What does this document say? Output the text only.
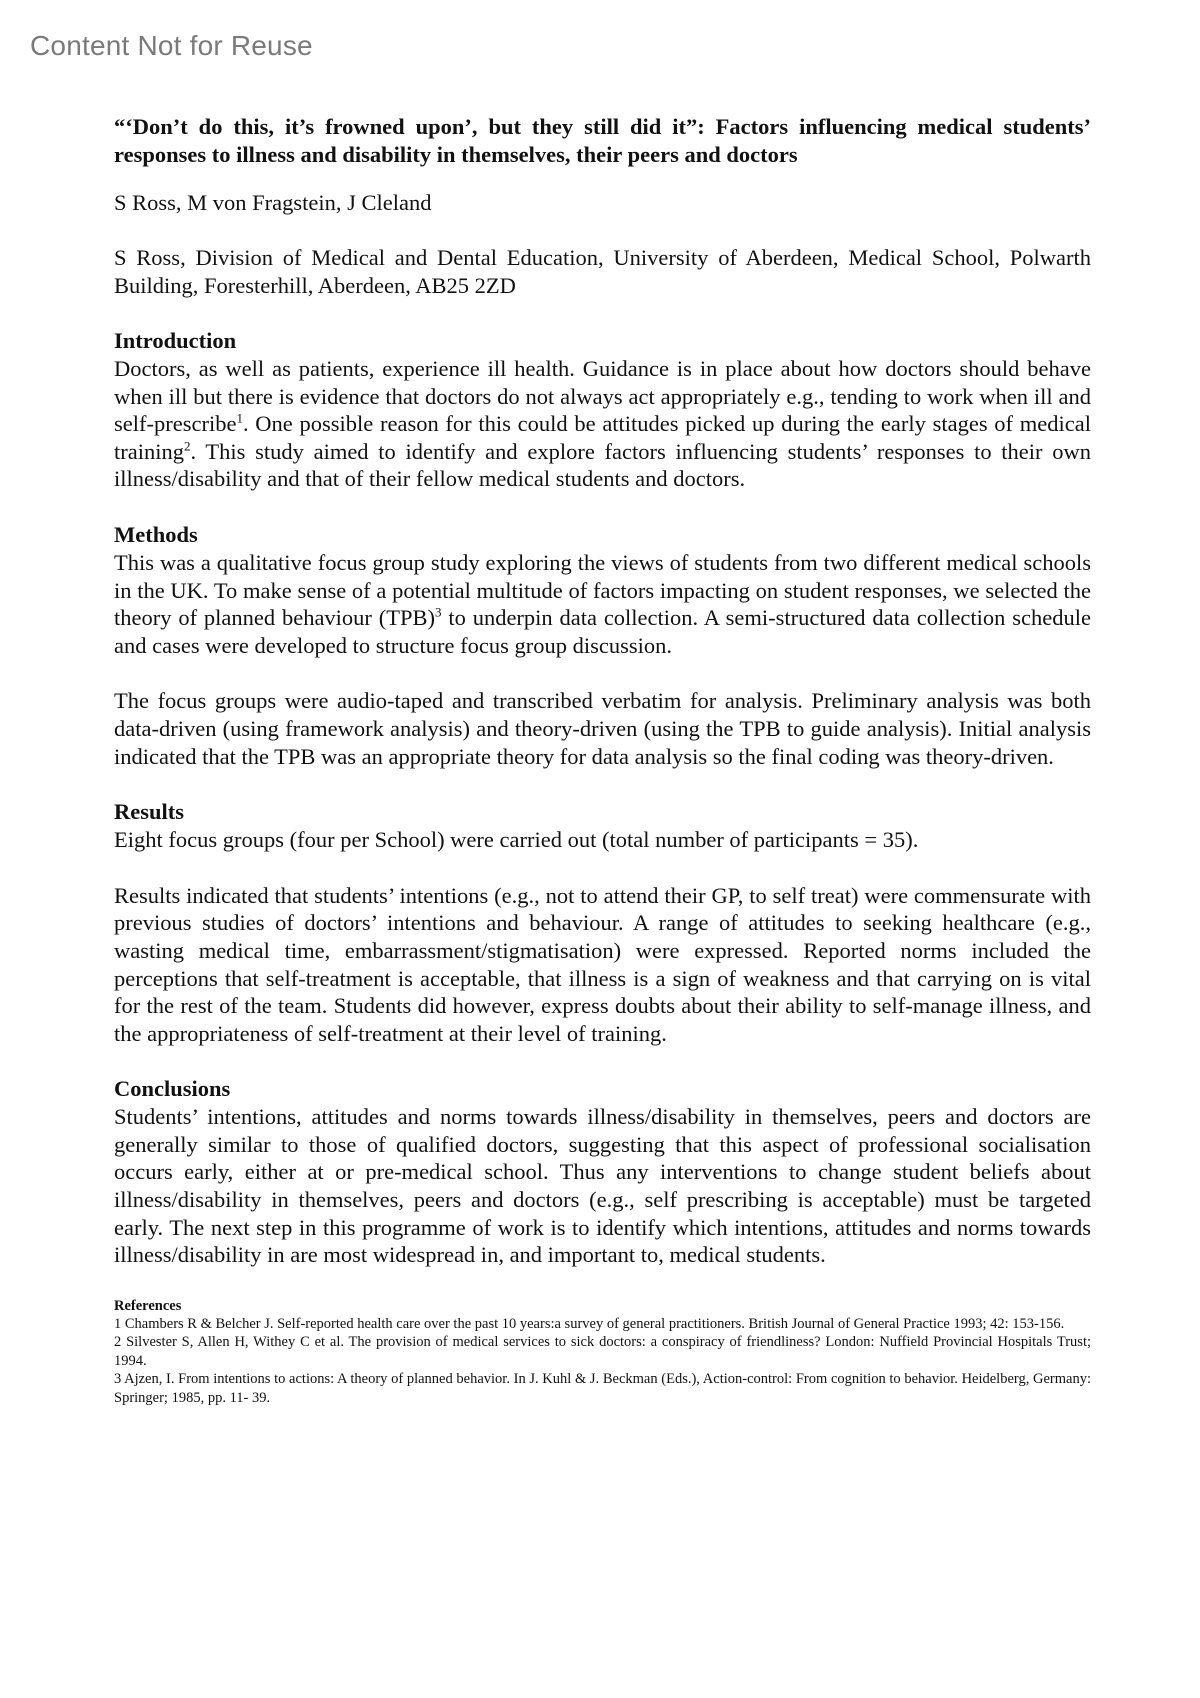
Content Not for Reuse

“‘Don’t do this, it’s frowned upon’, but they still did it”: Factors influencing medical students’ responses to illness and disability in themselves, their peers and doctors

S Ross, M von Fragstein, J Cleland

S Ross, Division of Medical and Dental Education, University of Aberdeen, Medical School, Polwarth Building, Foresterhill, Aberdeen, AB25 2ZD

Introduction

Doctors, as well as patients, experience ill health. Guidance is in place about how doctors should behave when ill but there is evidence that doctors do not always act appropriately e.g., tending to work when ill and self-prescribe$^1$. One possible reason for this could be attitudes picked up during the early stages of medical training$^2$. This study aimed to identify and explore factors influencing students’ responses to their own illness/disability and that of their fellow medical students and doctors.

Methods

This was a qualitative focus group study exploring the views of students from two different medical schools in the UK. To make sense of a potential multitude of factors impacting on student responses, we selected the theory of planned behaviour (TPB)$^3$ to underpin data collection. A semi-structured data collection schedule and cases were developed to structure focus group discussion.

The focus groups were audio-taped and transcribed verbatim for analysis. Preliminary analysis was both data-driven (using framework analysis) and theory-driven (using the TPB to guide analysis). Initial analysis indicated that the TPB was an appropriate theory for data analysis so the final coding was theory-driven.

Results

Eight focus groups (four per School) were carried out (total number of participants = 35).

Results indicated that students’ intentions (e.g., not to attend their GP, to self treat) were commensurate with previous studies of doctors’ intentions and behaviour. A range of attitudes to seeking healthcare (e.g., wasting medical time, embarrassment/stigmatisation) were expressed. Reported norms included the perceptions that self-treatment is acceptable, that illness is a sign of weakness and that carrying on is vital for the rest of the team. Students did however, express doubts about their ability to self-manage illness, and the appropriateness of self-treatment at their level of training.

Conclusions

Students’ intentions, attitudes and norms towards illness/disability in themselves, peers and doctors are generally similar to those of qualified doctors, suggesting that this aspect of professional socialisation occurs early, either at or pre-medical school. Thus any interventions to change student beliefs about illness/disability in themselves, peers and doctors (e.g., self prescribing is acceptable) must be targeted early. The next step in this programme of work is to identify which intentions, attitudes and norms towards illness/disability in are most widespread in, and important to, medical students.

References
1 Chambers R & Belcher J. Self-reported health care over the past 10 years:a survey of general practitioners. British Journal of General Practice 1993; 42: 153-156.
2 Silvester S, Allen H, Withey C et al. The provision of medical services to sick doctors: a conspiracy of friendliness? London: Nuffield Provincial Hospitals Trust; 1994.
3 Ajzen, I. From intentions to actions: A theory of planned behavior. In J. Kuhl & J. Beckman (Eds.), Action-control: From cognition to behavior. Heidelberg, Germany: Springer; 1985, pp. 11- 39.
